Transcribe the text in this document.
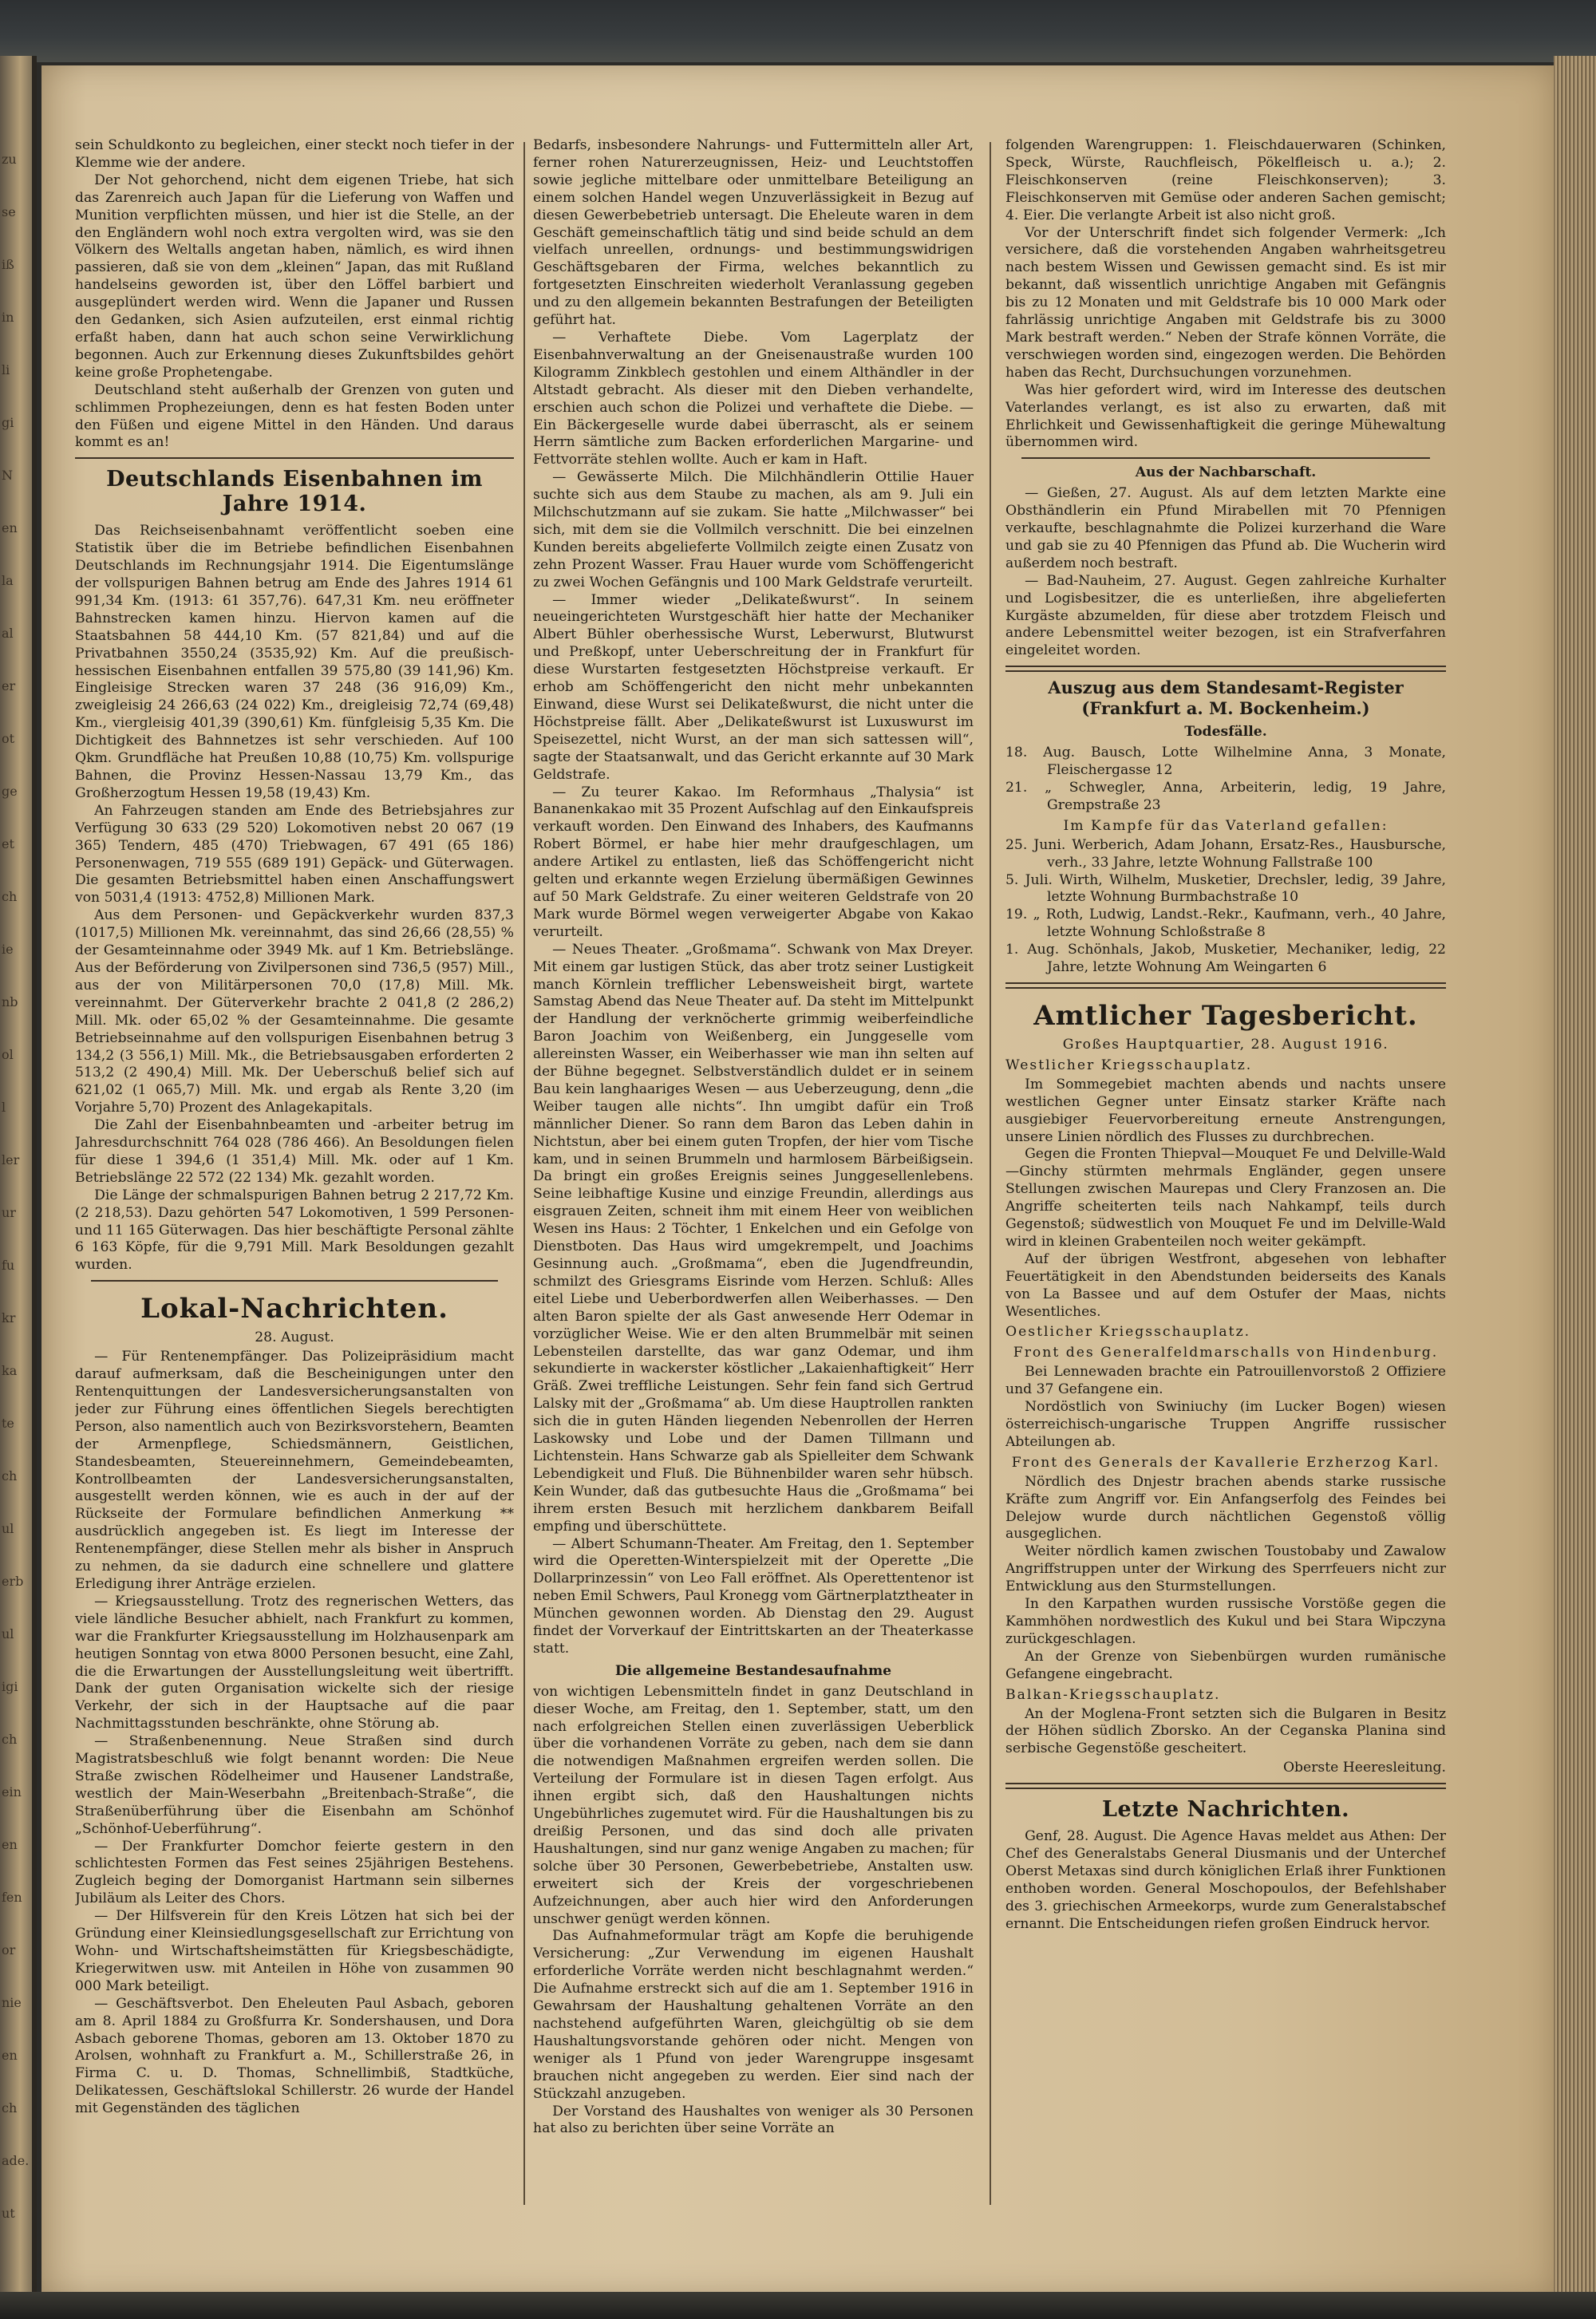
zu
se
iß
in
li
gi
N
en
la
al
er
ot
ge
et
ch
ie
nb
ol
l
ler
ur
fu
kr
ka
te
ch
ul
erb
ul
igi
ch
ein
en
fen
or
nie
en
ch
ade.
ut

sein Schuldkonto zu begleichen, einer steckt noch tiefer in der Klemme wie der andere.

Der Not gehorchend, nicht dem eigenen Triebe, hat sich das Zarenreich auch Japan für die Lieferung von Waffen und Munition verpflichten müssen, und hier ist die Stelle, an der den Engländern wohl noch extra vergolten wird, was sie den Völkern des Weltalls angetan haben, nämlich, es wird ihnen passieren, daß sie von dem „kleinen“ Japan, das mit Rußland handelseins geworden ist, über den Löffel barbiert und ausgeplündert werden wird. Wenn die Japaner und Russen den Gedanken, sich Asien aufzuteilen, erst einmal richtig erfaßt haben, dann hat auch schon seine Verwirklichung begonnen. Auch zur Erkennung dieses Zukunftsbildes gehört keine große Prophetengabe.

Deutschland steht außerhalb der Grenzen von guten und schlimmen Prophezeiungen, denn es hat festen Boden unter den Füßen und eigene Mittel in den Händen. Und daraus kommt es an!

Deutschlands Eisenbahnen im Jahre 1914.

Das Reichseisenbahnamt veröffentlicht soeben eine Statistik über die im Betriebe befindlichen Eisenbahnen Deutschlands im Rechnungsjahr 1914. Die Eigentumslänge der vollspurigen Bahnen betrug am Ende des Jahres 1914 61 991,34 Km. (1913: 61 357,76). 647,31 Km. neu eröffneter Bahnstrecken kamen hinzu. Hiervon kamen auf die Staatsbahnen 58 444,10 Km. (57 821,84) und auf die Privatbahnen 3550,24 (3535,92) Km. Auf die preußisch-hessischen Eisenbahnen entfallen 39 575,80 (39 141,96) Km. Eingleisige Strecken waren 37 248 (36 916,09) Km., zweigleisig 24 266,63 (24 022) Km., dreigleisig 72,74 (69,48) Km., viergleisig 401,39 (390,61) Km. fünfgleisig 5,35 Km. Die Dichtigkeit des Bahnnetzes ist sehr verschieden. Auf 100 Qkm. Grundfläche hat Preußen 10,88 (10,75) Km. vollspurige Bahnen, die Provinz Hessen-Nassau 13,79 Km., das Großherzogtum Hessen 19,58 (19,43) Km.

An Fahrzeugen standen am Ende des Betriebsjahres zur Verfügung 30 633 (29 520) Lokomotiven nebst 20 067 (19 365) Tendern, 485 (470) Triebwagen, 67 491 (65 186) Personenwagen, 719 555 (689 191) Gepäck- und Güterwagen. Die gesamten Betriebsmittel haben einen Anschaffungswert von 5031,4 (1913: 4752,8) Millionen Mark.

Aus dem Personen- und Gepäckverkehr wurden 837,3 (1017,5) Millionen Mk. vereinnahmt, das sind 26,66 (28,55) % der Gesamteinnahme oder 3949 Mk. auf 1 Km. Betriebslänge. Aus der Beförderung von Zivilpersonen sind 736,5 (957) Mill., aus der von Militärpersonen 70,0 (17,8) Mill. Mk. vereinnahmt. Der Güterverkehr brachte 2 041,8 (2 286,2) Mill. Mk. oder 65,02 % der Gesamteinnahme. Die gesamte Betriebseinnahme auf den vollspurigen Eisenbahnen betrug 3 134,2 (3 556,1) Mill. Mk., die Betriebsausgaben erforderten 2 513,2 (2 490,4) Mill. Mk. Der Ueberschuß belief sich auf 621,02 (1 065,7) Mill. Mk. und ergab als Rente 3,20 (im Vorjahre 5,70) Prozent des Anlagekapitals.

Die Zahl der Eisenbahnbeamten und -arbeiter betrug im Jahresdurchschnitt 764 028 (786 466). An Besoldungen fielen für diese 1 394,6 (1 351,4) Mill. Mk. oder auf 1 Km. Betriebslänge 22 572 (22 134) Mk. gezahlt worden.

Die Länge der schmalspurigen Bahnen betrug 2 217,72 Km. (2 218,53). Dazu gehörten 547 Lokomotiven, 1 599 Personen- und 11 165 Güterwagen. Das hier beschäftigte Personal zählte 6 163 Köpfe, für die 9,791 Mill. Mark Besoldungen gezahlt wurden.

Lokal-Nachrichten.
28. August.

— Für Rentenempfänger. Das Polizeipräsidium macht darauf aufmerksam, daß die Bescheinigungen unter den Rentenquittungen der Landesversicherungsanstalten von jeder zur Führung eines öffentlichen Siegels berechtigten Person, also namentlich auch von Bezirksvorstehern, Beamten der Armenpflege, Schiedsmännern, Geistlichen, Standesbeamten, Steuereinnehmern, Gemeindebeamten, Kontrollbeamten der Landesversicherungsanstalten, ausgestellt werden können, wie es auch in der auf der Rückseite der Formulare befindlichen Anmerkung ** ausdrücklich angegeben ist. Es liegt im Interesse der Rentenempfänger, diese Stellen mehr als bisher in Anspruch zu nehmen, da sie dadurch eine schnellere und glattere Erledigung ihrer Anträge erzielen.

— Kriegsausstellung. Trotz des regnerischen Wetters, das viele ländliche Besucher abhielt, nach Frankfurt zu kommen, war die Frankfurter Kriegsausstellung im Holzhausenpark am heutigen Sonntag von etwa 8000 Personen besucht, eine Zahl, die die Erwartungen der Ausstellungsleitung weit übertrifft. Dank der guten Organisation wickelte sich der riesige Verkehr, der sich in der Hauptsache auf die paar Nachmittagsstunden beschränkte, ohne Störung ab.

— Straßenbenennung. Neue Straßen sind durch Magistratsbeschluß wie folgt benannt worden: Die Neue Straße zwischen Rödelheimer und Hausener Landstraße, westlich der Main-Weserbahn „Breitenbach-Straße“, die Straßenüberführung über die Eisenbahn am Schönhof „Schönhof-Ueberführung“.

— Der Frankfurter Domchor feierte gestern in den schlichtesten Formen das Fest seines 25jährigen Bestehens. Zugleich beging der Domorganist Hartmann sein silbernes Jubiläum als Leiter des Chors.

— Der Hilfsverein für den Kreis Lötzen hat sich bei der Gründung einer Kleinsiedlungsgesellschaft zur Errichtung von Wohn- und Wirtschaftsheimstätten für Kriegsbeschädigte, Kriegerwitwen usw. mit Anteilen in Höhe von zusammen 90 000 Mark beteiligt.

— Geschäftsverbot. Den Eheleuten Paul Asbach, geboren am 8. April 1884 zu Großfurra Kr. Sondershausen, und Dora Asbach geborene Thomas, geboren am 13. Oktober 1870 zu Arolsen, wohnhaft zu Frankfurt a. M., Schillerstraße 26, in Firma C. u. D. Thomas, Schnellimbiß, Stadtküche, Delikatessen, Geschäftslokal Schillerstr. 26 wurde der Handel mit Gegenständen des täglichen

Bedarfs, insbesondere Nahrungs- und Futtermitteln aller Art, ferner rohen Naturerzeugnissen, Heiz- und Leuchtstoffen sowie jegliche mittelbare oder unmittelbare Beteiligung an einem solchen Handel wegen Unzuverlässigkeit in Bezug auf diesen Gewerbebetrieb untersagt. Die Eheleute waren in dem Geschäft gemeinschaftlich tätig und sind beide schuld an dem vielfach unreellen, ordnungs- und bestimmungswidrigen Geschäftsgebaren der Firma, welches bekanntlich zu fortgesetzten Einschreiten wiederholt Veranlassung gegeben und zu den allgemein bekannten Bestrafungen der Beteiligten geführt hat.

— Verhaftete Diebe. Vom Lagerplatz der Eisenbahnverwaltung an der Gneisenaustraße wurden 100 Kilogramm Zinkblech gestohlen und einem Althändler in der Altstadt gebracht. Als dieser mit den Dieben verhandelte, erschien auch schon die Polizei und verhaftete die Diebe. — Ein Bäckergeselle wurde dabei überrascht, als er seinem Herrn sämtliche zum Backen erforderlichen Margarine- und Fettvorräte stehlen wollte. Auch er kam in Haft.

— Gewässerte Milch. Die Milchhändlerin Ottilie Hauer suchte sich aus dem Staube zu machen, als am 9. Juli ein Milchschutzmann auf sie zukam. Sie hatte „Milchwasser“ bei sich, mit dem sie die Vollmilch verschnitt. Die bei einzelnen Kunden bereits abgelieferte Vollmilch zeigte einen Zusatz von zehn Prozent Wasser. Frau Hauer wurde vom Schöffengericht zu zwei Wochen Gefängnis und 100 Mark Geldstrafe verurteilt.

— Immer wieder „Delikateßwurst“. In seinem neueingerichteten Wurstgeschäft hier hatte der Mechaniker Albert Bühler oberhessische Wurst, Leberwurst, Blutwurst und Preßkopf, unter Ueberschreitung der in Frankfurt für diese Wurstarten festgesetzten Höchstpreise verkauft. Er erhob am Schöffengericht den nicht mehr unbekannten Einwand, diese Wurst sei Delikateßwurst, die nicht unter die Höchstpreise fällt. Aber „Delikateßwurst ist Luxuswurst im Speisezettel, nicht Wurst, an der man sich sattessen will“, sagte der Staatsanwalt, und das Gericht erkannte auf 30 Mark Geldstrafe.

— Zu teurer Kakao. Im Reformhaus „Thalysia“ ist Bananenkakao mit 35 Prozent Aufschlag auf den Einkaufspreis verkauft worden. Den Einwand des Inhabers, des Kaufmanns Robert Börmel, er habe hier mehr draufgeschlagen, um andere Artikel zu entlasten, ließ das Schöffengericht nicht gelten und erkannte wegen Erzielung übermäßigen Gewinnes auf 50 Mark Geldstrafe. Zu einer weiteren Geldstrafe von 20 Mark wurde Börmel wegen verweigerter Abgabe von Kakao verurteilt.

— Neues Theater. „Großmama“. Schwank von Max Dreyer. Mit einem gar lustigen Stück, das aber trotz seiner Lustigkeit manch Körnlein trefflicher Lebensweisheit birgt, wartete Samstag Abend das Neue Theater auf. Da steht im Mittelpunkt der Handlung der verknöcherte grimmig weiberfeindliche Baron Joachim von Weißenberg, ein Junggeselle vom allereinsten Wasser, ein Weiberhasser wie man ihn selten auf der Bühne begegnet. Selbstverständlich duldet er in seinem Bau kein langhaariges Wesen — aus Ueberzeugung, denn „die Weiber taugen alle nichts“. Ihn umgibt dafür ein Troß männlicher Diener. So rann dem Baron das Leben dahin in Nichtstun, aber bei einem guten Tropfen, der hier vom Tische kam, und in seinen Brummeln und harmlosem Bärbeißigsein. Da bringt ein großes Ereignis seines Junggesellenlebens. Seine leibhaftige Kusine und einzige Freundin, allerdings aus eisgrauen Zeiten, schneit ihm mit einem Heer von weiblichen Wesen ins Haus: 2 Töchter, 1 Enkelchen und ein Gefolge von Dienstboten. Das Haus wird umgekrempelt, und Joachims Gesinnung auch. „Großmama“, eben die Jugendfreundin, schmilzt des Griesgrams Eisrinde vom Herzen. Schluß: Alles eitel Liebe und Ueberbordwerfen allen Weiberhasses. — Den alten Baron spielte der als Gast anwesende Herr Odemar in vorzüglicher Weise. Wie er den alten Brummelbär mit seinen Lebensteilen darstellte, das war ganz Odemar, und ihm sekundierte in wackerster köstlicher „Lakaienhaftigkeit“ Herr Gräß. Zwei treffliche Leistungen. Sehr fein fand sich Gertrud Lalsky mit der „Großmama“ ab. Um diese Hauptrollen rankten sich die in guten Händen liegenden Nebenrollen der Herren Laskowsky und Lobe und der Damen Tillmann und Lichtenstein. Hans Schwarze gab als Spielleiter dem Schwank Lebendigkeit und Fluß. Die Bühnenbilder waren sehr hübsch. Kein Wunder, daß das gutbesuchte Haus die „Großmama“ bei ihrem ersten Besuch mit herzlichem dankbarem Beifall empfing und überschüttete.

— Albert Schumann-Theater. Am Freitag, den 1. September wird die Operetten-Winterspielzeit mit der Operette „Die Dollarprinzessin“ von Leo Fall eröffnet. Als Operettentenor ist neben Emil Schwers, Paul Kronegg vom Gärtnerplatztheater in München gewonnen worden. Ab Dienstag den 29. August findet der Vorverkauf der Eintrittskarten an der Theaterkasse statt.

Die allgemeine Bestandesaufnahme

von wichtigen Lebensmitteln findet in ganz Deutschland in dieser Woche, am Freitag, den 1. September, statt, um den nach erfolgreichen Stellen einen zuverlässigen Ueberblick über die vorhandenen Vorräte zu geben, nach dem sie dann die notwendigen Maßnahmen ergreifen werden sollen. Die Verteilung der Formulare ist in diesen Tagen erfolgt. Aus ihnen ergibt sich, daß den Haushaltungen nichts Ungebührliches zugemutet wird. Für die Haushaltungen bis zu dreißig Personen, und das sind doch alle privaten Haushaltungen, sind nur ganz wenige Angaben zu machen; für solche über 30 Personen, Gewerbebetriebe, Anstalten usw. erweitert sich der Kreis der vorgeschriebenen Aufzeichnungen, aber auch hier wird den Anforderungen unschwer genügt werden können.

Das Aufnahmeformular trägt am Kopfe die beruhigende Versicherung: „Zur Verwendung im eigenen Haushalt erforderliche Vorräte werden nicht beschlagnahmt werden.“ Die Aufnahme erstreckt sich auf die am 1. September 1916 in Gewahrsam der Haushaltung gehaltenen Vorräte an den nachstehend aufgeführten Waren, gleichgültig ob sie dem Haushaltungsvorstande gehören oder nicht. Mengen von weniger als 1 Pfund von jeder Warengruppe insgesamt brauchen nicht angegeben zu werden. Eier sind nach der Stückzahl anzugeben.

Der Vorstand des Haushaltes von weniger als 30 Personen hat also zu berichten über seine Vorräte an

folgenden Warengruppen: 1. Fleischdauerwaren (Schinken, Speck, Würste, Rauchfleisch, Pökelfleisch u. a.); 2. Fleischkonserven (reine Fleischkonserven); 3. Fleischkonserven mit Gemüse oder anderen Sachen gemischt; 4. Eier. Die verlangte Arbeit ist also nicht groß.

Vor der Unterschrift findet sich folgender Vermerk: „Ich versichere, daß die vorstehenden Angaben wahrheitsgetreu nach bestem Wissen und Gewissen gemacht sind. Es ist mir bekannt, daß wissentlich unrichtige Angaben mit Gefängnis bis zu 12 Monaten und mit Geldstrafe bis 10 000 Mark oder fahrlässig unrichtige Angaben mit Geldstrafe bis zu 3000 Mark bestraft werden.“ Neben der Strafe können Vorräte, die verschwiegen worden sind, eingezogen werden. Die Behörden haben das Recht, Durchsuchungen vorzunehmen.

Was hier gefordert wird, wird im Interesse des deutschen Vaterlandes verlangt, es ist also zu erwarten, daß mit Ehrlichkeit und Gewissenhaftigkeit die geringe Mühewaltung übernommen wird.

Aus der Nachbarschaft.

— Gießen, 27. August. Als auf dem letzten Markte eine Obsthändlerin ein Pfund Mirabellen mit 70 Pfennigen verkaufte, beschlagnahmte die Polizei kurzerhand die Ware und gab sie zu 40 Pfennigen das Pfund ab. Die Wucherin wird außerdem noch bestraft.

— Bad-Nauheim, 27. August. Gegen zahlreiche Kurhalter und Logisbesitzer, die es unterließen, ihre abgelieferten Kurgäste abzumelden, für diese aber trotzdem Fleisch und andere Lebensmittel weiter bezogen, ist ein Strafverfahren eingeleitet worden.

Auszug aus dem Standesamt-Register (Frankfurt a. M. Bockenheim.)
Todesfälle.
18. Aug. Bausch, Lotte Wilhelmine Anna, 3 Monate, Fleischergasse 12
21. „ Schwegler, Anna, Arbeiterin, ledig, 19 Jahre, Grempstraße 23
Im Kampfe für das Vaterland gefallen:
25. Juni. Werberich, Adam Johann, Ersatz-Res., Hausbursche, verh., 33 Jahre, letzte Wohnung Fallstraße 100
5. Juli. Wirth, Wilhelm, Musketier, Drechsler, ledig, 39 Jahre, letzte Wohnung Burmbachstraße 10
19. „ Roth, Ludwig, Landst.-Rekr., Kaufmann, verh., 40 Jahre, letzte Wohnung Schloßstraße 8
1. Aug. Schönhals, Jakob, Musketier, Mechaniker, ledig, 22 Jahre, letzte Wohnung Am Weingarten 6
Amtlicher Tagesbericht.
Großes Hauptquartier, 28. August 1916.
Westlicher Kriegsschauplatz.

Im Sommegebiet machten abends und nachts unsere westlichen Gegner unter Einsatz starker Kräfte nach ausgiebiger Feuervorbereitung erneute Anstrengungen, unsere Linien nördlich des Flusses zu durchbrechen.

Gegen die Fronten Thiepval—Mouquet Fe und Delville-Wald—Ginchy stürmten mehrmals Engländer, gegen unsere Stellungen zwischen Maurepas und Clery Franzosen an. Die Angriffe scheiterten teils nach Nahkampf, teils durch Gegenstoß; südwestlich von Mouquet Fe und im Delville-Wald wird in kleinen Grabenteilen noch weiter gekämpft.

Auf der übrigen Westfront, abgesehen von lebhafter Feuertätigkeit in den Abendstunden beiderseits des Kanals von La Bassee und auf dem Ostufer der Maas, nichts Wesentliches.

Oestlicher Kriegsschauplatz.
Front des Generalfeldmarschalls von Hindenburg.

Bei Lennewaden brachte ein Patrouillenvorstoß 2 Offiziere und 37 Gefangene ein.

Nordöstlich von Swiniuchy (im Lucker Bogen) wiesen österreichisch-ungarische Truppen Angriffe russischer Abteilungen ab.

Front des Generals der Kavallerie Erzherzog Karl.

Nördlich des Dnjestr brachen abends starke russische Kräfte zum Angriff vor. Ein Anfangserfolg des Feindes bei Delejow wurde durch nächtlichen Gegenstoß völlig ausgeglichen.

Weiter nördlich kamen zwischen Toustobaby und Zawalow Angriffstruppen unter der Wirkung des Sperrfeuers nicht zur Entwicklung aus den Sturmstellungen.

In den Karpathen wurden russische Vorstöße gegen die Kammhöhen nordwestlich des Kukul und bei Stara Wipczyna zurückgeschlagen.

An der Grenze von Siebenbürgen wurden rumänische Gefangene eingebracht.

Balkan-Kriegsschauplatz.

An der Moglena-Front setzten sich die Bulgaren in Besitz der Höhen südlich Zborsko. An der Ceganska Planina sind serbische Gegenstöße gescheitert.

Oberste Heeresleitung.
Letzte Nachrichten.

Genf, 28. August. Die Agence Havas meldet aus Athen: Der Chef des Generalstabs General Diusmanis und der Unterchef Oberst Metaxas sind durch königlichen Erlaß ihrer Funktionen enthoben worden. General Moschopoulos, der Befehlshaber des 3. griechischen Armeekorps, wurde zum Generalstabschef ernannt. Die Entscheidungen riefen großen Eindruck hervor.
